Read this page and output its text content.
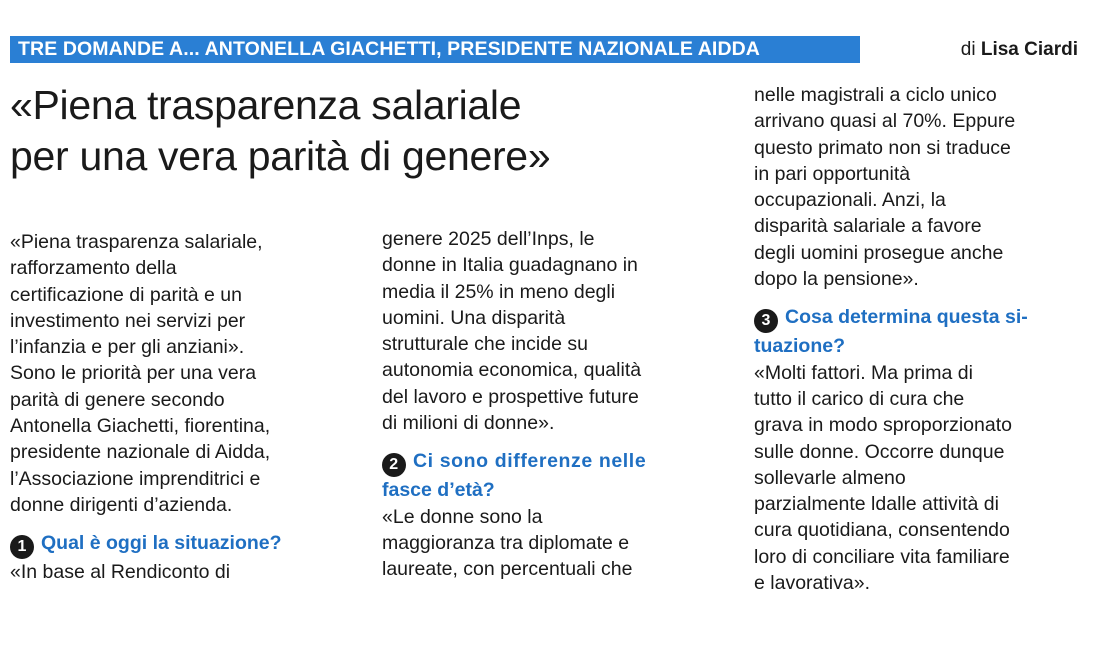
TRE DOMANDE A... ANTONELLA GIACHETTI, PRESIDENTE NAZIONALE AIDDA	di Lisa Ciardi
«Piena trasparenza salariale
per una vera parità di genere»
«Piena trasparenza salariale,
rafforzamento della
certificazione di parità e un
investimento nei servizi per
l’infanzia e per gli anziani».
Sono le priorità per una vera
parità di genere secondo
Antonella Giachetti, fiorentina,
presidente nazionale di Aidda,
l’Associazione imprenditrici e
donne dirigenti d’azienda.
1 Qual è oggi la situazione?
«In base al Rendiconto di
genere 2025 dell’Inps, le
donne in Italia guadagnano in
media il 25% in meno degli
uomini. Una disparità
strutturale che incide su
autonomia economica, qualità
del lavoro e prospettive future
di milioni di donne».
2 Ci sono differenze nelle
fasce d’età?
«Le donne sono la
maggioranza tra diplomate e
laureate, con percentuali che
nelle magistrali a ciclo unico
arrivano quasi al 70%. Eppure
questo primato non si traduce
in pari opportunità
occupazionali. Anzi, la
disparità salariale a favore
degli uomini prosegue anche
dopo la pensione».
3 Cosa determina questa si-
tuazione?
«Molti fattori. Ma prima di
tutto il carico di cura che
grava in modo sproporzionato
sulle donne. Occorre dunque
sollevarle almeno
parzialmente ldalle attività di
cura quotidiana, consentendo
loro di conciliare vita familiare
e lavorativa».
